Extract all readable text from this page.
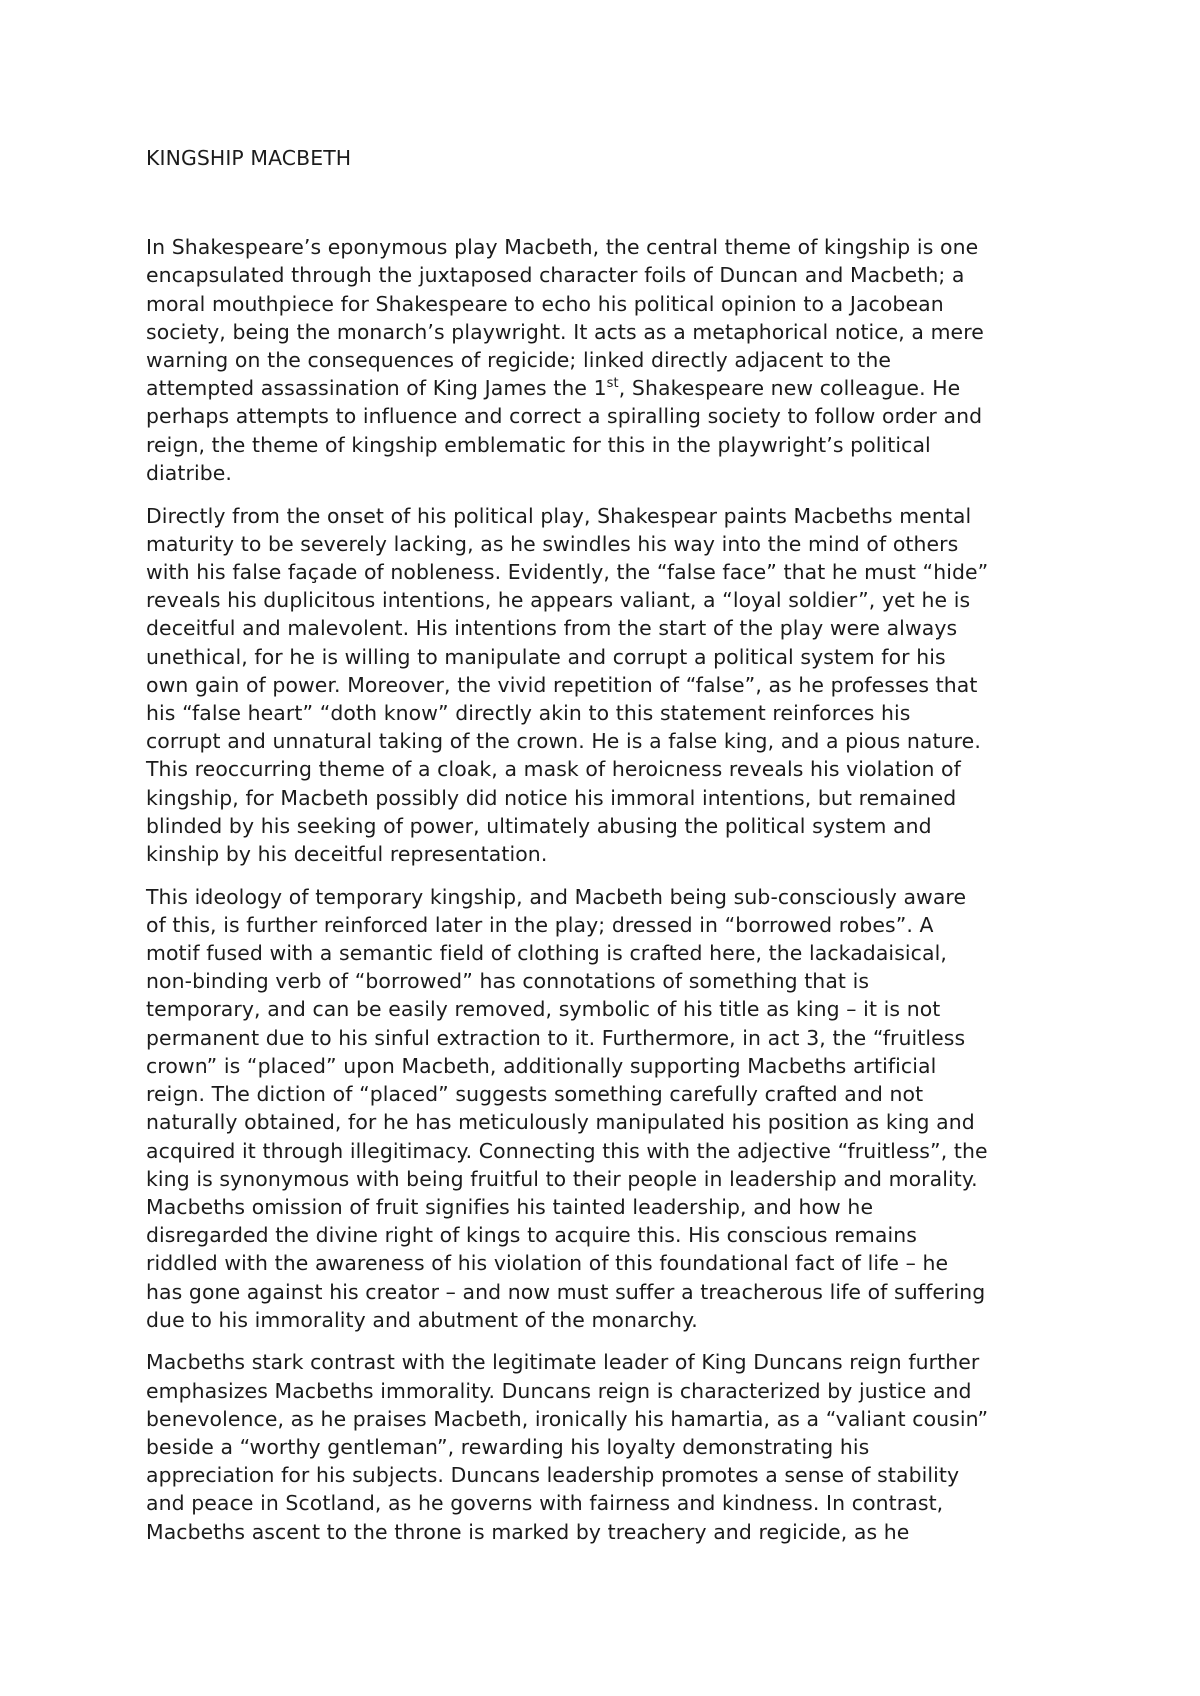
KINGSHIP MACBETH

In Shakespeare’s eponymous play Macbeth, the central theme of kingship is one
encapsulated through the juxtaposed character foils of Duncan and Macbeth; a
moral mouthpiece for Shakespeare to echo his political opinion to a Jacobean
society, being the monarch’s playwright. It acts as a metaphorical notice, a mere
warning on the consequences of regicide; linked directly adjacent to the
attempted assassination of King James the 1st, Shakespeare new colleague. He
perhaps attempts to influence and correct a spiralling society to follow order and
reign, the theme of kingship emblematic for this in the playwright’s political
diatribe.

Directly from the onset of his political play, Shakespear paints Macbeths mental
maturity to be severely lacking, as he swindles his way into the mind of others
with his false façade of nobleness. Evidently, the “false face” that he must “hide”
reveals his duplicitous intentions, he appears valiant, a “loyal soldier”, yet he is
deceitful and malevolent. His intentions from the start of the play were always
unethical, for he is willing to manipulate and corrupt a political system for his
own gain of power. Moreover, the vivid repetition of “false”, as he professes that
his “false heart” “doth know” directly akin to this statement reinforces his
corrupt and unnatural taking of the crown. He is a false king, and a pious nature.
This reoccurring theme of a cloak, a mask of heroicness reveals his violation of
kingship, for Macbeth possibly did notice his immoral intentions, but remained
blinded by his seeking of power, ultimately abusing the political system and
kinship by his deceitful representation.

This ideology of temporary kingship, and Macbeth being sub-consciously aware
of this, is further reinforced later in the play; dressed in “borrowed robes”. A
motif fused with a semantic field of clothing is crafted here, the lackadaisical,
non-binding verb of “borrowed” has connotations of something that is
temporary, and can be easily removed, symbolic of his title as king – it is not
permanent due to his sinful extraction to it. Furthermore, in act 3, the “fruitless
crown” is “placed” upon Macbeth, additionally supporting Macbeths artificial
reign. The diction of “placed” suggests something carefully crafted and not
naturally obtained, for he has meticulously manipulated his position as king and
acquired it through illegitimacy. Connecting this with the adjective “fruitless”, the
king is synonymous with being fruitful to their people in leadership and morality.
Macbeths omission of fruit signifies his tainted leadership, and how he
disregarded the divine right of kings to acquire this. His conscious remains
riddled with the awareness of his violation of this foundational fact of life – he
has gone against his creator – and now must suffer a treacherous life of suffering
due to his immorality and abutment of the monarchy.

Macbeths stark contrast with the legitimate leader of King Duncans reign further
emphasizes Macbeths immorality. Duncans reign is characterized by justice and
benevolence, as he praises Macbeth, ironically his hamartia, as a “valiant cousin”
beside a “worthy gentleman”, rewarding his loyalty demonstrating his
appreciation for his subjects. Duncans leadership promotes a sense of stability
and peace in Scotland, as he governs with fairness and kindness. In contrast,
Macbeths ascent to the throne is marked by treachery and regicide, as he
